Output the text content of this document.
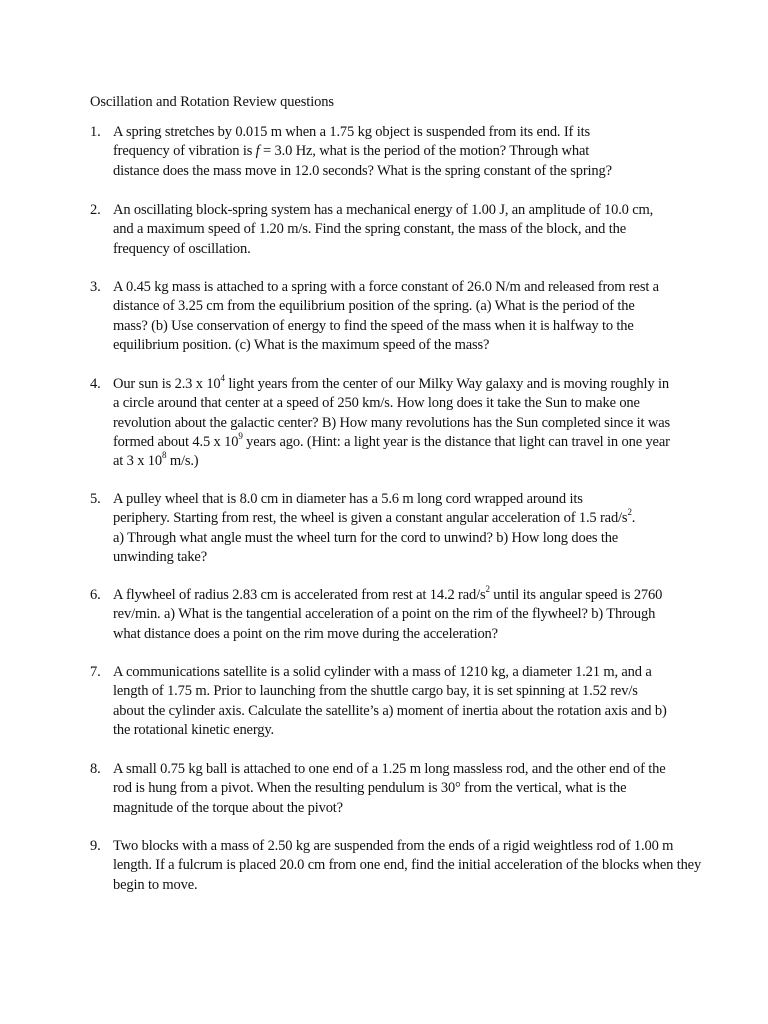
Oscillation and Rotation Review questions
1. A spring stretches by 0.015 m when a 1.75 kg object is suspended from its end. If its frequency of vibration is f = 3.0 Hz, what is the period of the motion? Through what distance does the mass move in 12.0 seconds? What is the spring constant of the spring?
2. An oscillating block-spring system has a mechanical energy of 1.00 J, an amplitude of 10.0 cm, and a maximum speed of 1.20 m/s. Find the spring constant, the mass of the block, and the frequency of oscillation.
3. A 0.45 kg mass is attached to a spring with a force constant of 26.0 N/m and released from rest a distance of 3.25 cm from the equilibrium position of the spring. (a) What is the period of the mass? (b) Use conservation of energy to find the speed of the mass when it is halfway to the equilibrium position. (c) What is the maximum speed of the mass?
4. Our sun is 2.3 x $10^4$ light years from the center of our Milky Way galaxy and is moving roughly in a circle around that center at a speed of 250 km/s. How long does it take the Sun to make one revolution about the galactic center? B) How many revolutions has the Sun completed since it was formed about 4.5 x $10^9$ years ago. (Hint: a light year is the distance that light can travel in one year at 3 x $10^8$ m/s.)
5. A pulley wheel that is 8.0 cm in diameter has a 5.6 m long cord wrapped around its periphery. Starting from rest, the wheel is given a constant angular acceleration of 1.5 rad/$s^2$. a) Through what angle must the wheel turn for the cord to unwind? b) How long does the unwinding take?
6. A flywheel of radius 2.83 cm is accelerated from rest at 14.2 rad/$s^2$ until its angular speed is 2760 rev/min. a) What is the tangential acceleration of a point on the rim of the flywheel? b) Through what distance does a point on the rim move during the acceleration?
7. A communications satellite is a solid cylinder with a mass of 1210 kg, a diameter 1.21 m, and a length of 1.75 m. Prior to launching from the shuttle cargo bay, it is set spinning at 1.52 rev/s about the cylinder axis. Calculate the satellite’s a) moment of inertia about the rotation axis and b) the rotational kinetic energy.
8. A small 0.75 kg ball is attached to one end of a 1.25 m long massless rod, and the other end of the rod is hung from a pivot. When the resulting pendulum is 30° from the vertical, what is the magnitude of the torque about the pivot?
9. Two blocks with a mass of 2.50 kg are suspended from the ends of a rigid weightless rod of 1.00 m length. If a fulcrum is placed 20.0 cm from one end, find the initial acceleration of the blocks when they begin to move.
